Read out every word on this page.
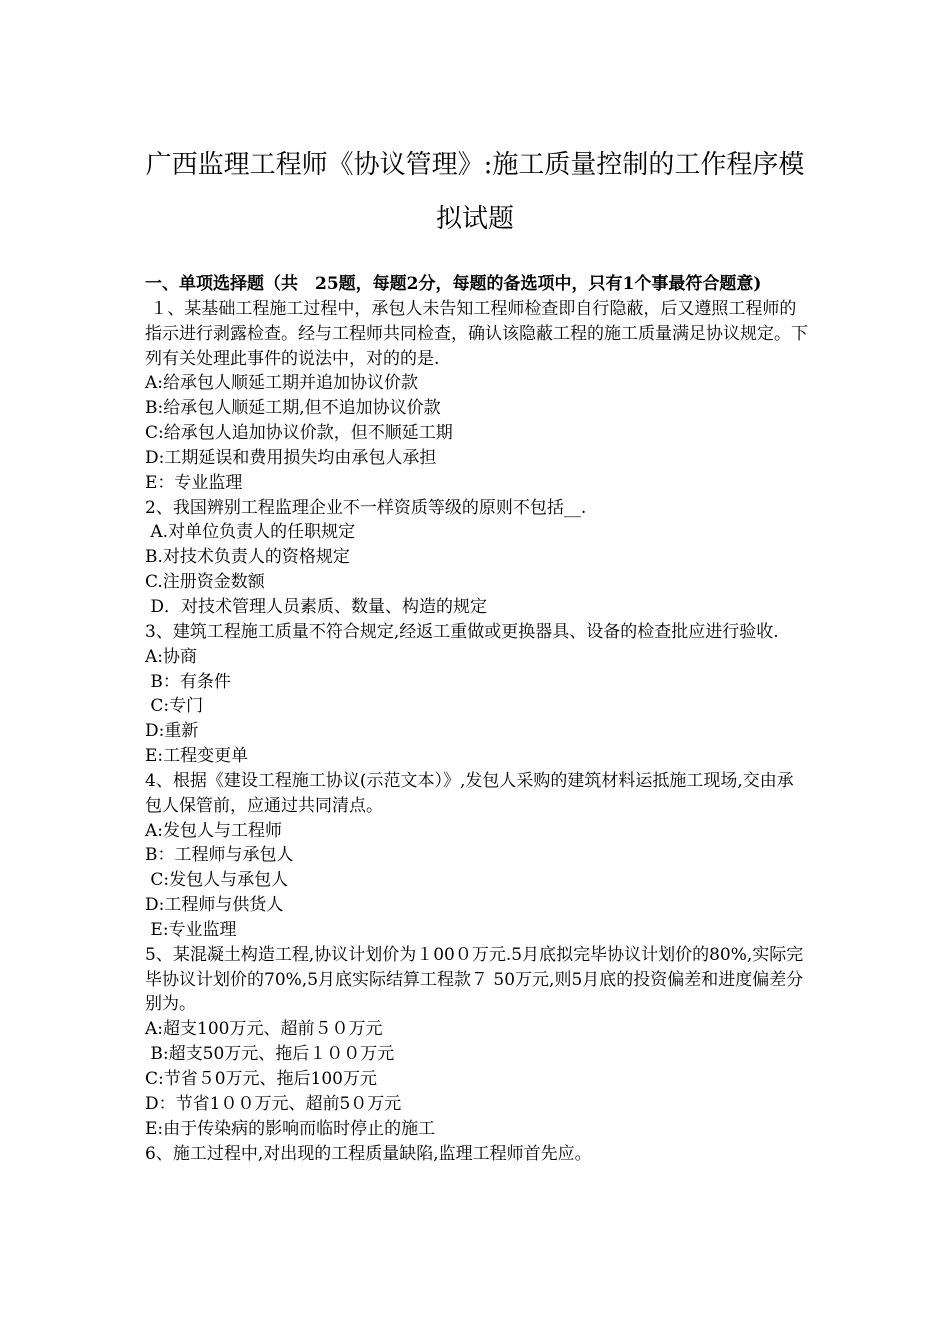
广西监理工程师《协议管理》:施工质量控制的工作程序模
拟试题
一、单项选择题（共　25题，每题2分，每题的备选项中，只有1个事最符合题意)
１、某基础工程施工过程中，承包人未告知工程师检查即自行隐蔽，后又遵照工程师的指示进行剥露检查。经与工程师共同检查，确认该隐蔽工程的施工质量满足协议规定。下列有关处理此事件的说法中，对的的是.
A:给承包人顺延工期并追加协议价款
B:给承包人顺延工期,但不追加协议价款
C:给承包人追加协议价款，但不顺延工期
D:工期延误和费用损失均由承包人承担
E：专业监理
2、我国辨别工程监理企业不一样资质等级的原则不包括__.
A.对单位负责人的任职规定
B.对技术负责人的资格规定
C.注册资金数额
D．对技术管理人员素质、数量、构造的规定
3、建筑工程施工质量不符合规定,经返工重做或更换器具、设备的检查批应进行验收.
A:协商
B：有条件
C:专门
D:重新
E:工程变更单
4、根据《建设工程施工协议(示范文本）》,发包人采购的建筑材料运抵施工现场,交由承包人保管前，应通过共同清点。
A:发包人与工程师
B：工程师与承包人
C:发包人与承包人
D:工程师与供货人
E:专业监理
5、某混凝土构造工程,协议计划价为１00０万元.5月底拟完毕协议计划价的80%,实际完毕协议计划价的70%,5月底实际结算工程款７ 50万元,则5月底的投资偏差和进度偏差分别为。
A:超支100万元、超前５０万元
B:超支50万元、拖后１００万元
C:节省５0万元、拖后100万元
D：节省1００万元、超前5０万元
E:由于传染病的影响而临时停止的施工
6、施工过程中,对出现的工程质量缺陷,监理工程师首先应。
